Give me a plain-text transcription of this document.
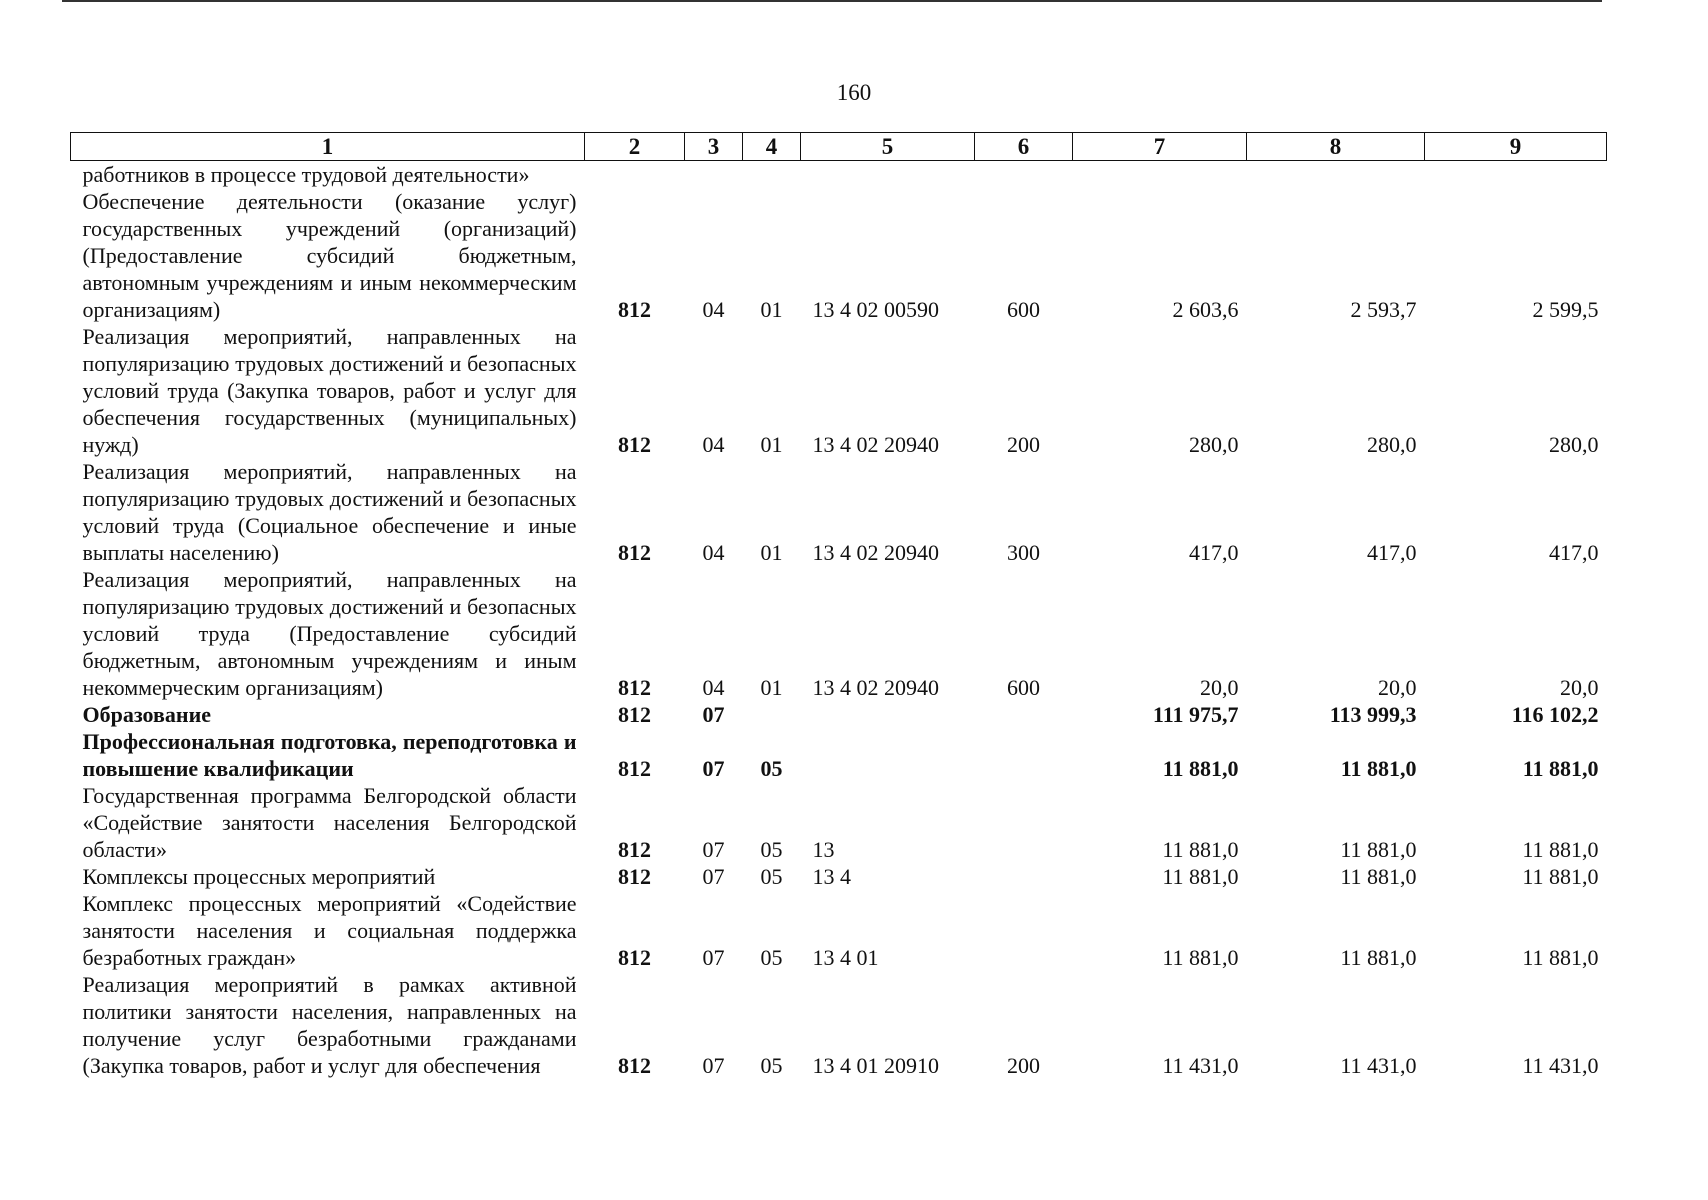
160
1	2	3	4	5	6	7	8	9
работников в процессе трудовой деятельности»								
Обеспечение деятельности (оказание услуг) государственных учреждений (организаций) (Предоставление субсидий бюджетным, автономным учреждениям и иным некоммерческим организациям)	812	04	01	13 4 02 00590	600	2 603,6	2 593,7	2 599,5
Реализация мероприятий, направленных на популяризацию трудовых достижений и безопасных условий труда (Закупка товаров, работ и услуг для обеспечения государственных (муниципальных) нужд)	812	04	01	13 4 02 20940	200	280,0	280,0	280,0
Реализация мероприятий, направленных на популяризацию трудовых достижений и безопасных условий труда (Социальное обеспечение и иные выплаты населению)	812	04	01	13 4 02 20940	300	417,0	417,0	417,0
Реализация мероприятий, направленных на популяризацию трудовых достижений и безопасных условий труда (Предоставление субсидий бюджетным, автономным учреждениям и иным некоммерческим организациям)	812	04	01	13 4 02 20940	600	20,0	20,0	20,0
Образование	812	07				111 975,7	113 999,3	116 102,2
Профессиональная подготовка, переподготовка и повышение квалификации	812	07	05			11 881,0	11 881,0	11 881,0
Государственная программа Белгородской области «Содействие занятости населения Белгородской области»	812	07	05	13		11 881,0	11 881,0	11 881,0
Комплексы процессных мероприятий	812	07	05	13 4		11 881,0	11 881,0	11 881,0
Комплекс процессных мероприятий «Содействие занятости населения и социальная поддержка безработных граждан»	812	07	05	13 4 01		11 881,0	11 881,0	11 881,0
Реализация мероприятий в рамках активной политики занятости населения, направленных на получение услуг безработными гражданами (Закупка товаров, работ и услуг для обеспечения	812	07	05	13 4 01 20910	200	11 431,0	11 431,0	11 431,0
